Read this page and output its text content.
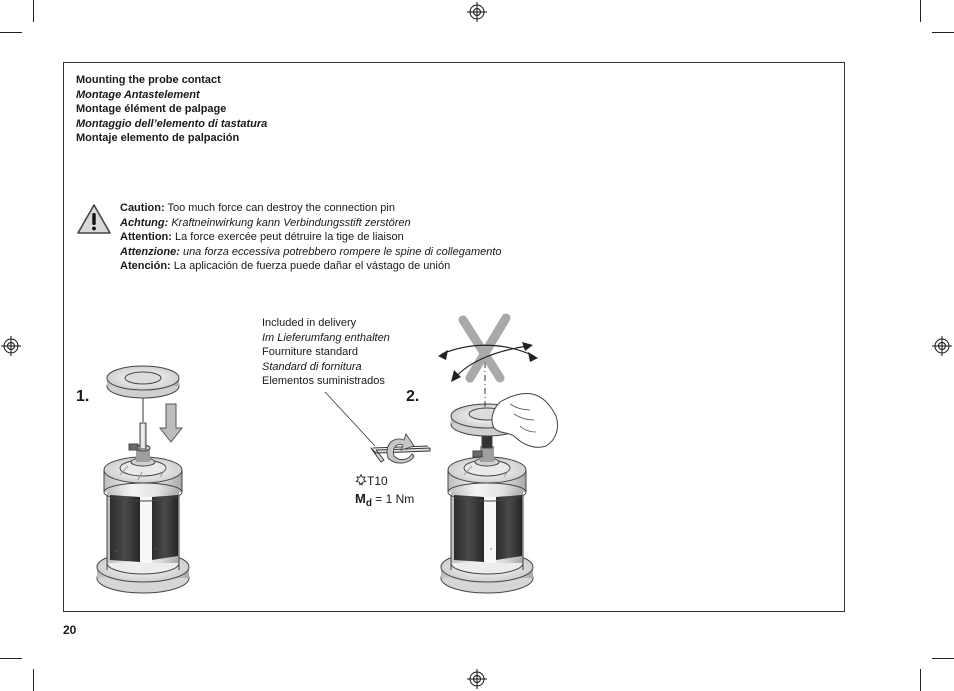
Mounting the probe contact
Montage Antastelement
Montage élément de palpage
Montaggio dell’elemento di tastatura
Montaje elemento de palpación
Caution: Too much force can destroy the connection pin
Achtung: Kraftneinwirkung kann Verbindungsstift zerstören
Attention: La force exercée peut détruire la tige de liaison
Attenzione: una forza eccessiva potrebbero rompere le spine di collegamento
Atención: La aplicación de fuerza puede dañar el vástago de unión
1.	2.
Included in delivery
Im Lieferumfang enthalten
Fourniture standard
Standard di fornitura
Elementos suministrados
T10
$M_d = 1$ Nm
20
